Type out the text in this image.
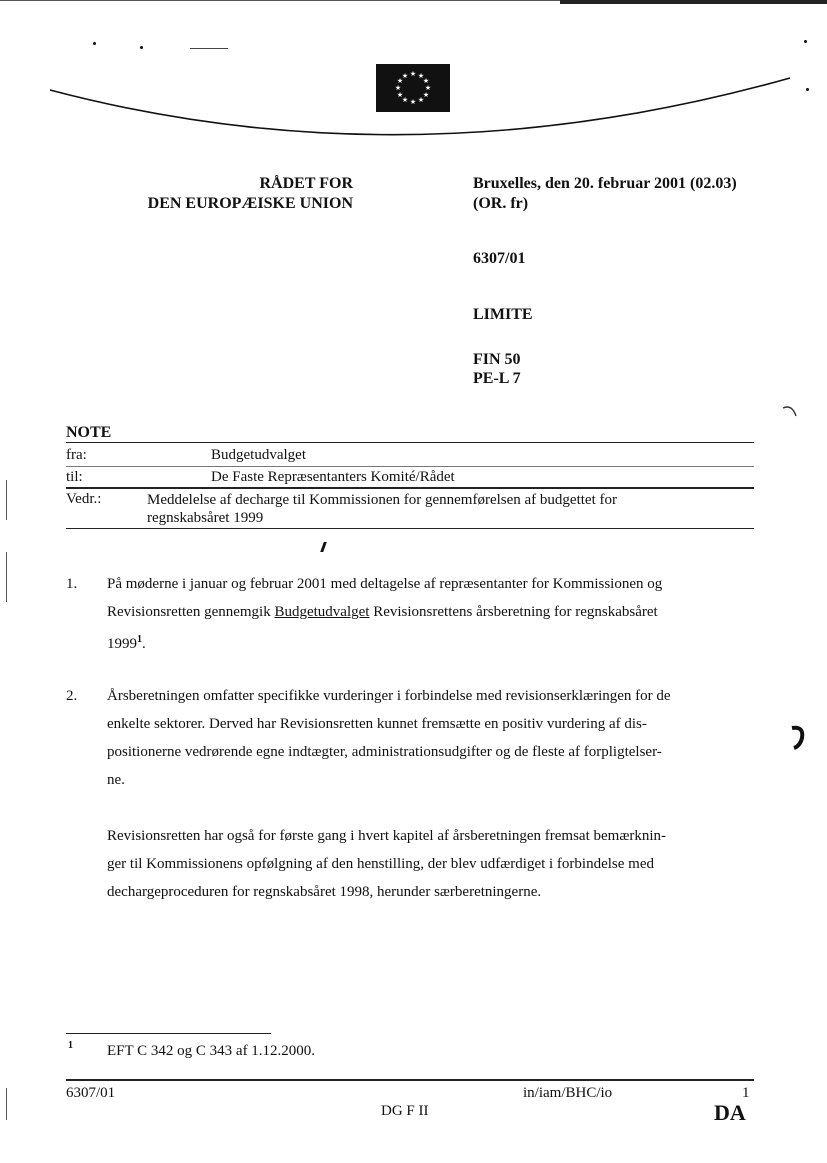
★ ★
★
★
★
★
★
★
★
★
★
★
RÅDET FOR
DEN EUROPÆISKE UNION
Bruxelles, den 20. februar 2001 (02.03)
(OR. fr)
6307/01
LIMITE
FIN 50
PE-L 7
NOTE
fra:	Budgetudvalget
til:	De Faste Repræsentanters Komité/Rådet
Vedr.:	Meddelelse af decharge til Kommissionen for gennemførelsen af budgettet for
regnskabsåret 1999
1. På møderne i januar og februar 2001 med deltagelse af repræsentanter for Kommissionen og
Revisionsretten gennemgik Budgetudvalget Revisionsrettens årsberetning for regnskabsåret
1999$^1$.
2. Årsberetningen omfatter specifikke vurderinger i forbindelse med revisionserklæringen for de
enkelte sektorer. Derved har Revisionsretten kunnet fremsætte en positiv vurdering af dis-
positionerne vedrørende egne indtægter, administrationsudgifter og de fleste af forpligtelser-
ne.
Revisionsretten har også for første gang i hvert kapitel af årsberetningen fremsat bemærknin-
ger til Kommissionens opfølgning af den henstilling, der blev udfærdiget i forbindelse med
dechargeproceduren for regnskabsåret 1998, herunder særberetningerne.
1 EFT C 342 og C 343 af 1.12.2000.
6307/01	in/iam/BHC/io	1
DG F II	DA
